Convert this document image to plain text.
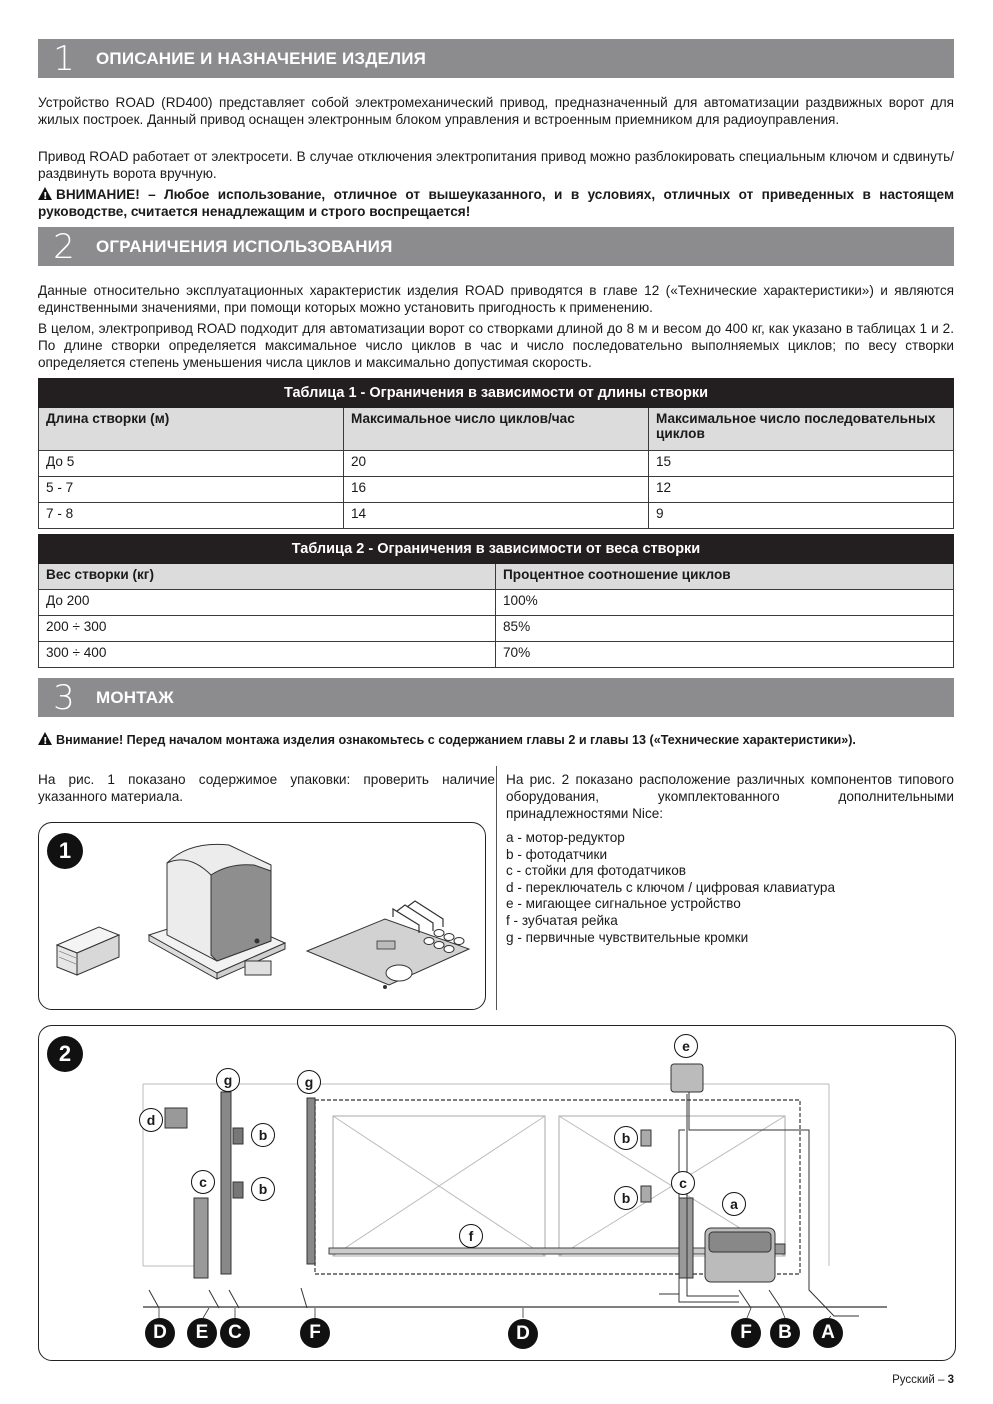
1	ОПИСАНИЕ И НАЗНАЧЕНИЕ ИЗДЕЛИЯ

Устройство ROAD (RD400) представляет собой электромеханический привод, предназначенный для автоматизации раздвижных ворот для жилых построек. Данный привод оснащен электронным блоком управления и встроенным приемником для радиоуправления.

Привод ROAD работает от электросети. В случае отключения электропитания привод можно разблокировать специальным ключом и сдвинуть/раздвинуть ворота вручную.

!ВНИМАНИЕ! – Любое использование, отличное от вышеуказанного, и в условиях, отличных от приведенных в настоящем руководстве, считается ненадлежащим и строго воспрещается!

2	ОГРАНИЧЕНИЯ ИСПОЛЬЗОВАНИЯ

Данные относительно эксплуатационных характеристик изделия ROAD приводятся в главе 12 («Технические характеристики») и являются единственными значениями, при помощи которых можно установить пригодность к применению.

В целом, электропривод ROAD подходит для автоматизации ворот со створками длиной до 8 м и весом до 400 кг, как указано в таблицах 1 и 2. По длине створки определяется максимальное число циклов в час и число последовательно выполняемых циклов; по весу створки определяется степень уменьшения числа циклов и максимально допустимая скорость.

Таблица 1 - Ограничения в зависимости от длины створки		
Длина створки (м)	Максимальное число циклов/час	Максимальное число последовательных циклов
До 5	20	15
5 - 7	16	12
7 - 8	14	9
Таблица 2 - Ограничения в зависимости от веса створки	
Вес створки (кг)	Процентное соотношение циклов
До 200	100%
200 ÷ 300	85%
300 ÷ 400	70%
3	МОНТАЖ

!Внимание! Перед началом монтажа изделия ознакомьтесь с содержанием главы 2 и главы 13 («Технические характеристики»).

На рис. 1 показано содержимое упаковки: проверить наличие указанного материала.

На рис. 2 показано расположение различных компонентов типового оборудования, укомплектованного дополнительными принадлежностями Nice:

a - мотор-редуктор
b - фотодатчики
c - стойки для фотодатчиков
d - переключатель с ключом / цифровая клавиатура
e - мигающее сигнальное устройство
f - зубчатая рейка
g - первичные чувствительные кромки
1
2
g	g
d
b
b
c
e
b
b
c
a
f
D	E	C	F	D	F	B	A
Русский – 3
